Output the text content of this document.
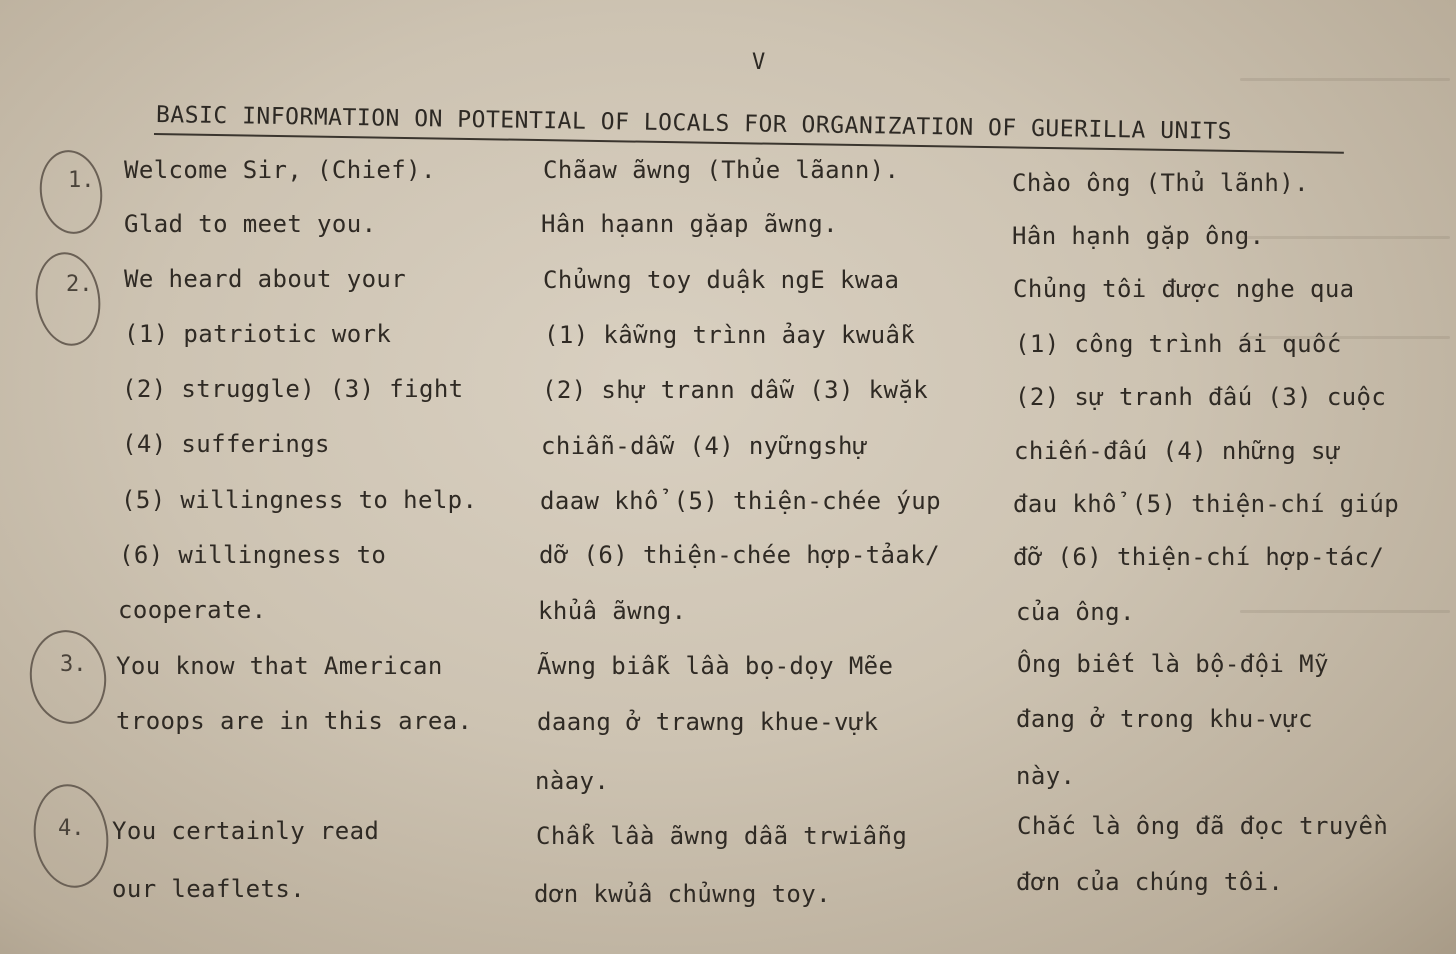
V
BASIC INFORMATION ON POTENTIAL OF LOCALS FOR ORGANIZATION OF GUERILLA UNITS
1. Welcome Sir, (Chief).
Glad to meet you.
Chãaw ãwng (Thủe lãann).
Hân hạann gặap ãwng.
Chào ông (Thủ lãnh).
Hân hạnh gặp ông.
2. We heard about your
(1) patriotic work
(2) struggle) (3) fight
(4) sufferings
(5) willingness to help.
(6) willingness to
cooperate.
Chủwng toy duậk ngE kwaa
(1) kẫwng trìnn ảay kwuẫk
(2) shự trann dẫw (3) kwặk
chiẫn-dẫw (4) nyữngshự
daaw khổ (5) thiện-chée ýup
dỡ (6) thiện-chée hợp-tảak/
khủâ ãwng.
Chủng tôi được nghe qua
(1) công trình ái quốc
(2) sự tranh đấu (3) cuộc
chiến-đấu (4) những sự
đau khổ (5) thiện-chí giúp
đỡ (6) thiện-chí hợp-tác/
của ông.
3. You know that American
troops are in this area.
Ãwng biẫk lầa bọ-dọy Mẽe
daang ở trawng khue-vựk
nàay.
Ông biết là bộ-đội Mỹ
đang ở trong khu-vực
này.
4. You certainly read
our leaflets.
Chẩk lầa ãwng dẫa trwiẫng
dơn kwủâ chủwng toy.
Chắc là ông đã đọc truyền
đơn của chúng tôi.
